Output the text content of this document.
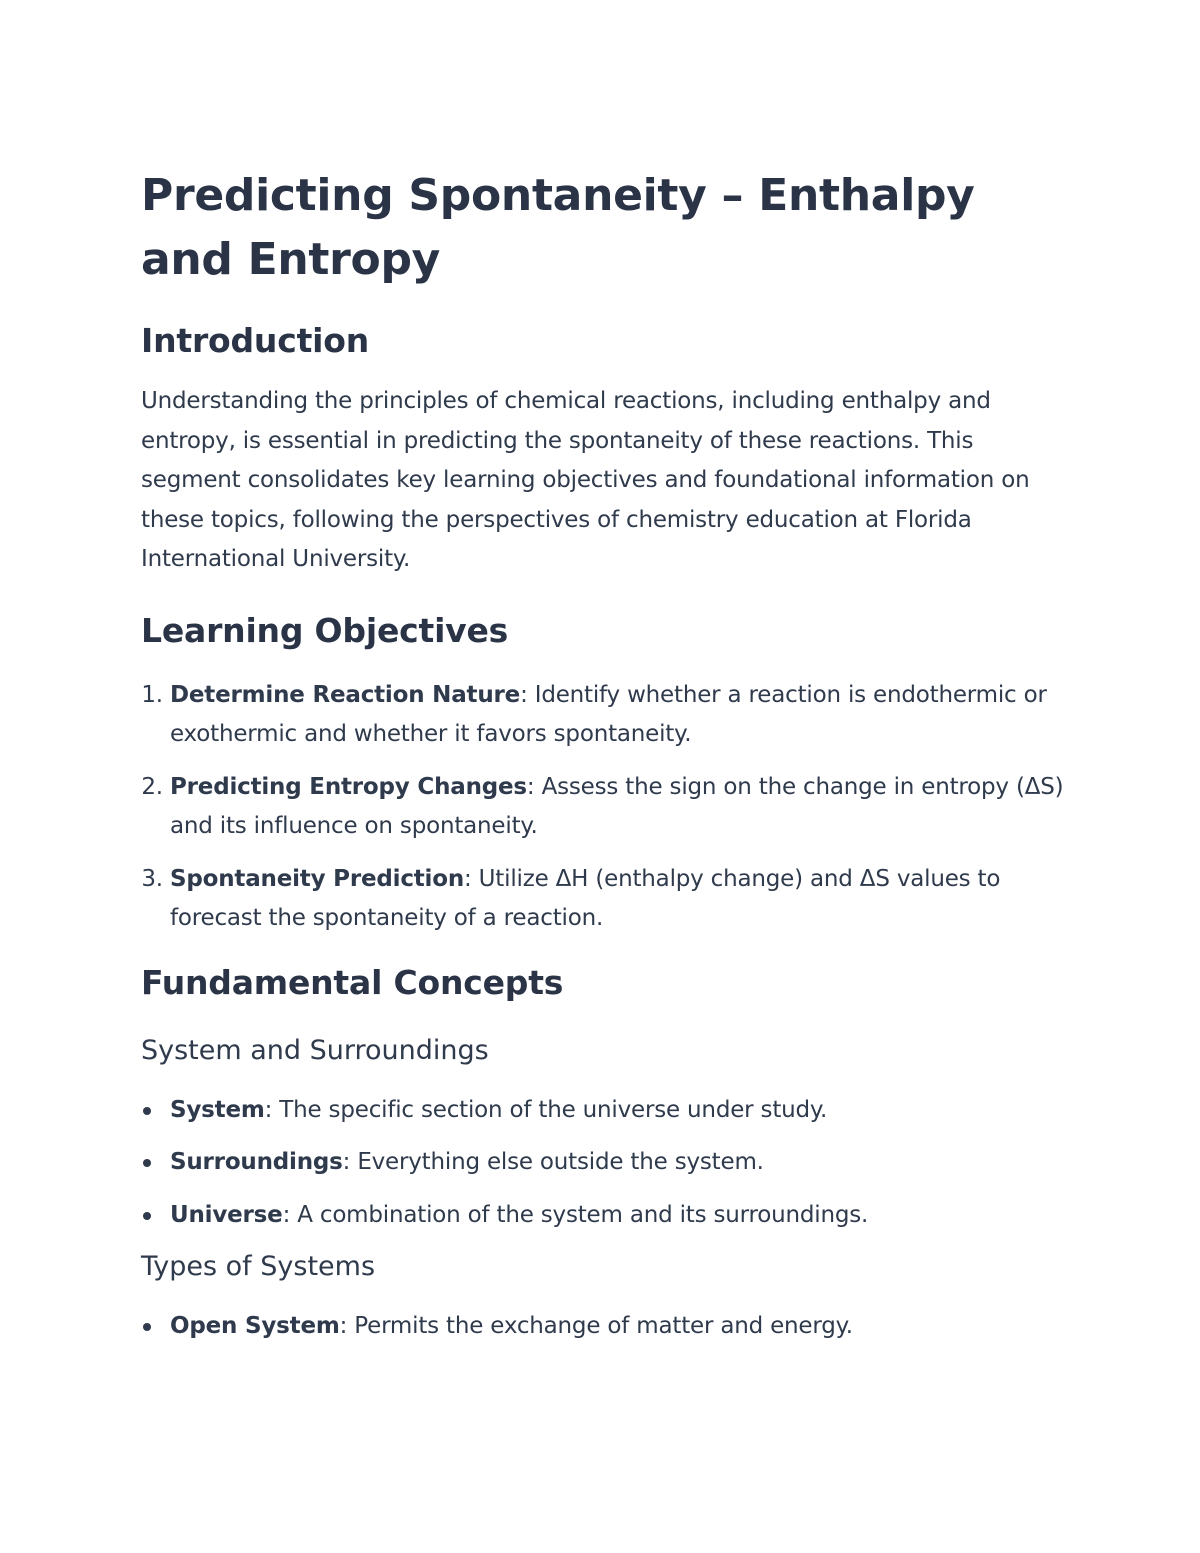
Predicting Spontaneity – Enthalpy and Entropy
Introduction

Understanding the principles of chemical reactions, including enthalpy and entropy, is essential in predicting the spontaneity of these reactions. This segment consolidates key learning objectives and foundational information on these topics, following the perspectives of chemistry education at Florida International University.

Learning Objectives
1. Determine Reaction Nature: Identify whether a reaction is endothermic or exothermic and whether it favors spontaneity.
2. Predicting Entropy Changes: Assess the sign on the change in entropy (ΔS) and its influence on spontaneity.
3. Spontaneity Prediction: Utilize ΔH (enthalpy change) and ΔS values to forecast the spontaneity of a reaction.
Fundamental Concepts
System and Surroundings
System: The specific section of the universe under study.
Surroundings: Everything else outside the system.
Universe: A combination of the system and its surroundings.
Types of Systems
Open System: Permits the exchange of matter and energy.
